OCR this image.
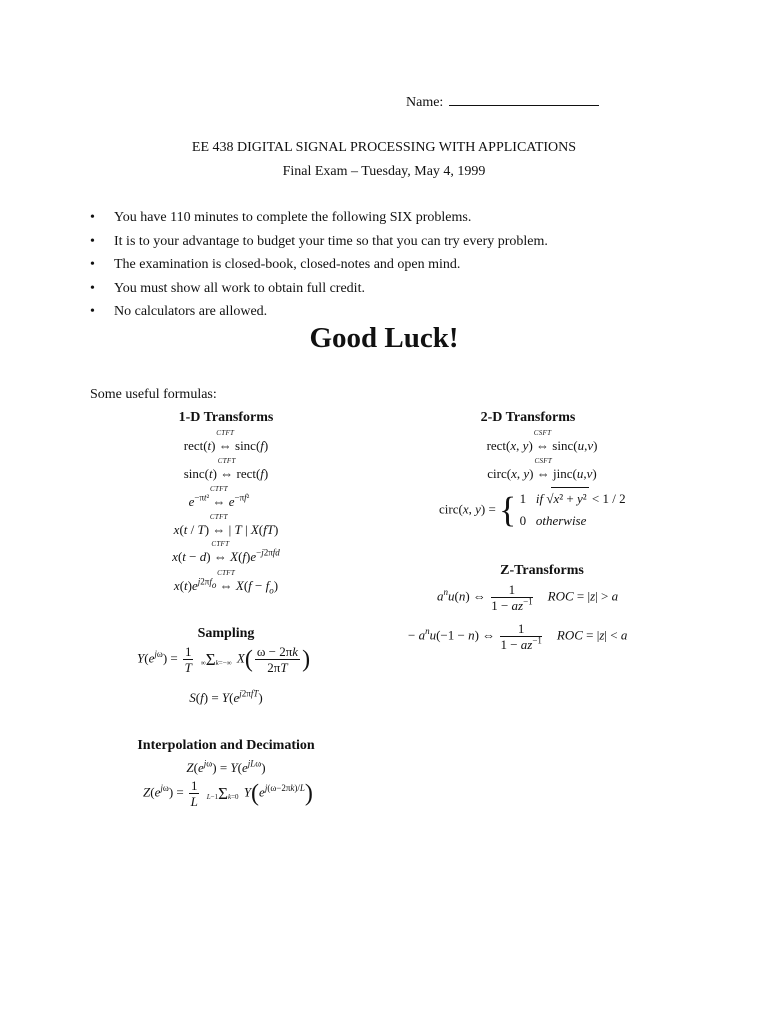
Name:
EE 438 DIGITAL SIGNAL PROCESSING WITH APPLICATIONS
Final Exam – Tuesday, May 4, 1999
• You have 110 minutes to complete the following SIX problems.
• It is to your advantage to budget your time so that you can try every problem.
• The examination is closed-book, closed-notes and open mind.
• You must show all work to obtain full credit.
• No calculators are allowed.
Good Luck!
Some useful formulas:
1-D Transforms
rect(t)
CTFT
⇔ sinc(f)
sinc(t)
CTFT
⇔ rect(f)
$e^{-\pi t^2}$
CTFT
⇔ $e^{-\pi f^2}$
x(t / T)
CTFT
⇔ | T | X(fT)
x(t − d)
CTFT
⇔ $X(f)e^{-j2\pi fd}$
$x(t)e^{j2\pi f_o}$
CTFT
⇔ $X(f - f_o)$
Sampling
$Y(e^{j\omega}) = \frac{1}{T} \infty\Sigma k=-\infty$ $X( \frac{\omega - 2\pi k}{2\pi T}$ )
$S(f) = Y(e^{j2\pi fT})$
Interpolation and Decimation
$Z(e^{j\omega}) = Y(e^{jL\omega})$
$Z(e^{j\omega}) = \frac{1}{L} L-1\Sigma k=0$ $Y(e^{j(\omega-2\pi k)/L})$
2-D Transforms
rect(x, y)
CSFT
⇔ sinc(u,v)
circ(x, y)
CSFT
⇔ jinc(u,v)
circ(x, y) = { 1   if √x² + y² < 1 / 2
0   otherwise
Z-Transforms
$a^nu(n)$ ⇔ $\frac{1}{1 - az^{-1}}$ ROC = |z| > a
− $a^nu(-1 - n)$ ⇔ $\frac{1}{1 - az^{-1}}$ ROC = |z| < a
